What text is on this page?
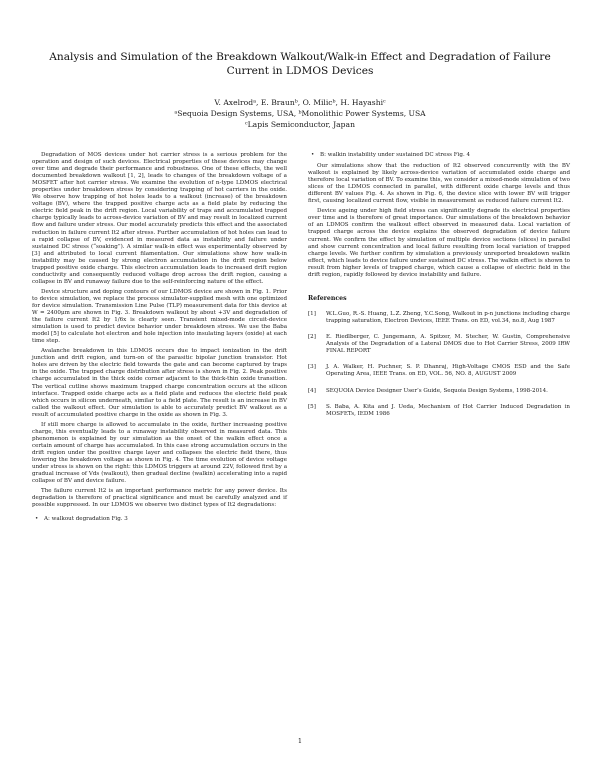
Analysis and Simulation of the Breakdown Walkout/Walk-in Effect and Degradation of Failure Current in LDMOS Devices
V. Axelrodᵃ, E. Braunᵇ, O. Milicᵇ, H. Hayashiᶜ
ᵃSequoia Design Systems, USA, ᵇMonolithic Power Systems, USA
ᶜLapis Semiconductor, Japan

Degradation of MOS devices under hot carrier stress is a serious problem for the operation and design of such devices. Electrical properties of these devices may change over time and degrade their performance and robustness. One of these effects, the well documented breakdown walkout [1, 2], leads to changes of the breakdown voltage of a MOSFET after hot carrier stress. We examine the evolution of n-type LDMOS electrical properties under breakdown stress by considering trapping of hot carriers in the oxide. We observe how trapping of hot holes leads to a walkout (increase) of the breakdown voltage (BV), where the trapped positive charge acts as a field plate by reducing the electric field peak in the drift region. Local variability of traps and accumulated trapped charge typically leads to across-device variation of BV and may result in localized current flow and failure under stress. Our model accurately predicts this effect and the associated reduction in failure current It2 after stress. Further accumulation of hot holes can lead to a rapid collapse of BV, evidenced in measured data as instability and failure under sustained DC stress (“soaking”). A similar walk-in effect was experimentally observed by [3] and attributed to local current filamentation. Our simulations show how walk-in instability may be caused by strong electron accumulation in the drift region below trapped positive oxide charge. This electron accumulation leads to increased drift region conductivity and consequently reduced voltage drop across the drift region, causing a collapse in BV and runaway failure due to the self-reinforcing nature of the effect.

Device structure and doping contours of our LDMOS device are shown in Fig. 1. Prior to device simulation, we replace the process simulator-supplied mesh with one optimized for device simulation. Transmission Line Pulse (TLP) measurement data for this device at W = 2400μm are shown in Fig. 3. Breakdown walkout by about +3V and degradation of the failure current It2 by 1/6x is clearly seen. Transient mixed-mode circuit-device simulation is used to predict device behavior under breakdown stress. We use the Baba model [5] to calculate hot electron and hole injection into insulating layers (oxide) at each time step.

Avalanche breakdown in this LDMOS occurs due to impact ionization in the drift junction and drift region, and turn-on of the parasitic bipolar junction transistor. Hot holes are driven by the electric field towards the gate and can become captured by traps in the oxide. The trapped charge distribution after stress is shown in Fig. 2. Peak positive charge accumulated in the thick oxide corner adjacent to the thick-thin oxide transition. The vertical cutline shows maximum trapped charge concentration occurs at the silicon interface. Trapped oxide charge acts as a field plate and reduces the electric field peak which occurs in silicon underneath, similar to a field plate. The result is an increase in BV called the walkout effect. Our simulation is able to accurately predict BV walkout as a result of accumulated positive charge in the oxide as shown in Fig. 3.

If still more charge is allowed to accumulate in the oxide, further increasing positive charge, this eventually leads to a runaway instability observed in measured data. This phenomenon is explained by our simulation as the onset of the walkin effect once a certain amount of charge has accumulated. In this case strong accumulation occurs in the drift region under the positive charge layer and collapses the electric field there, thus lowering the breakdown voltage as shown in Fig. 4. The time evolution of device voltage under stress is shown on the right: this LDMOS triggers at around 22V, followed first by a gradual increase of Vds (walkout), then gradual decline (walkin) accelerating into a rapid collapse of BV and device failure.

The failure current It2 is an important performance metric for any power device. Its degradation is therefore of practical significance and must be carefully analyzed and if possible suppressed. In our LDMOS we observe two distinct types of It2 degradations:

• A: walkout degradation Fig. 3
• B: walkin instability under sustained DC stress Fig. 4

Our simulations show that the reduction of It2 observed concurrently with the BV walkout is explained by likely across-device variation of accumulated oxide charge and therefore local variation of BV. To examine this, we consider a mixed-mode simulation of two slices of the LDMOS connected in parallel, with different oxide charge levels and thus different BV values Fig. 4. As shown in Fig. 6, the device slice with lower BV will trigger first, causing localized current flow, visible in measurement as reduced failure current It2.

Device ageing under high field stress can significantly degrade its electrical properties over time and is therefore of great importance. Our simulations of the breakdown behavior of an LDMOS confirm the walkout effect observed in measured data. Local variation of trapped charge across the device explains the observed degradation of device failure current. We confirm the effect by simulation of multiple device sections (slices) in parallel and show current concentration and local failure resulting from local variation of trapped charge levels. We further confirm by simulation a previously unreported breakdown walkin effect, which leads to device failure under sustained DC stress. The walkin effect is shown to result from higher levels of trapped charge, which cause a collapse of electric field in the drift region, rapidly followed by device instability and failure.

References
[1] W.L.Guo, R.-S. Huang, L.Z. Zheng, Y.C.Song, Walkout in p-n junctions including charge trapping saturation, Electron Devices, IEEE Trans. on ED, vol.34, no.8, Aug 1987
[2] E. Riedlberger, C. Jungemann, A. Spitzer, M. Stecher, W. Gustin, Comprehensive Analysis of the Degradation of a Lateral DMOS due to Hot Carrier Stress, 2009 IRW FINAL REPORT
[3] J. A. Walker, H. Puchner, S. P. Dhanraj, High-Voltage CMOS ESD and the Safe Operating Area, IEEE Trans. on ED, VOL. 56, NO. 8, AUGUST 2009
[4] SEQUOIA Device Designer User’s Guide, Sequoia Design Systems, 1998-2014.
[5] S. Baba, A. Kita and J. Ueda, Mechanism of Hot Carrier Induced Degradation in MOSFETs, IEDM 1986
1
